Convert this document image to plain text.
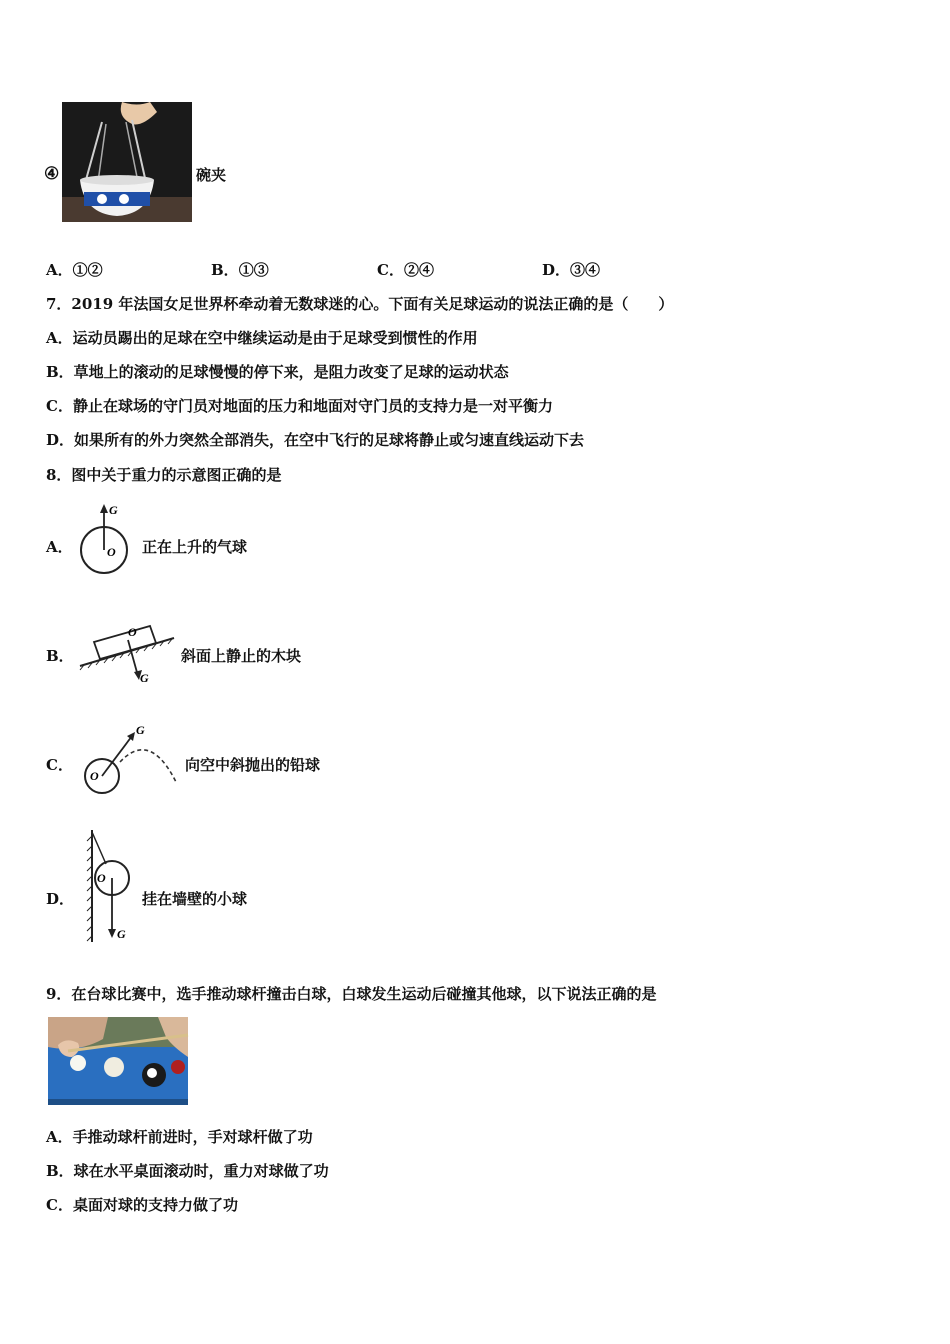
④	碗夹
A．①②	B．①③	C．②④	D．③④
7．2019 年法国女足世界杯牵动着无数球迷的心。下面有关足球运动的说法正确的是（　　）
A．运动员踢出的足球在空中继续运动是由于足球受到惯性的作用
B．草地上的滚动的足球慢慢的停下来，是阻力改变了足球的运动状态
C．静止在球场的守门员对地面的压力和地面对守门员的支持力是一对平衡力
D．如果所有的外力突然全部消失，在空中飞行的足球将静止或匀速直线运动下去
8．图中关于重力的示意图正确的是
A．
G
O 正在上升的气球
B．
O
G
斜面上静止的木块
C．
G
O
向空中斜抛出的铅球
D．
O
G
挂在墙壁的小球
9．在台球比赛中，选手推动球杆撞击白球，白球发生运动后碰撞其他球，以下说法正确的是
A．手推动球杆前进时，手对球杆做了功
B．球在水平桌面滚动时，重力对球做了功
C．桌面对球的支持力做了功
